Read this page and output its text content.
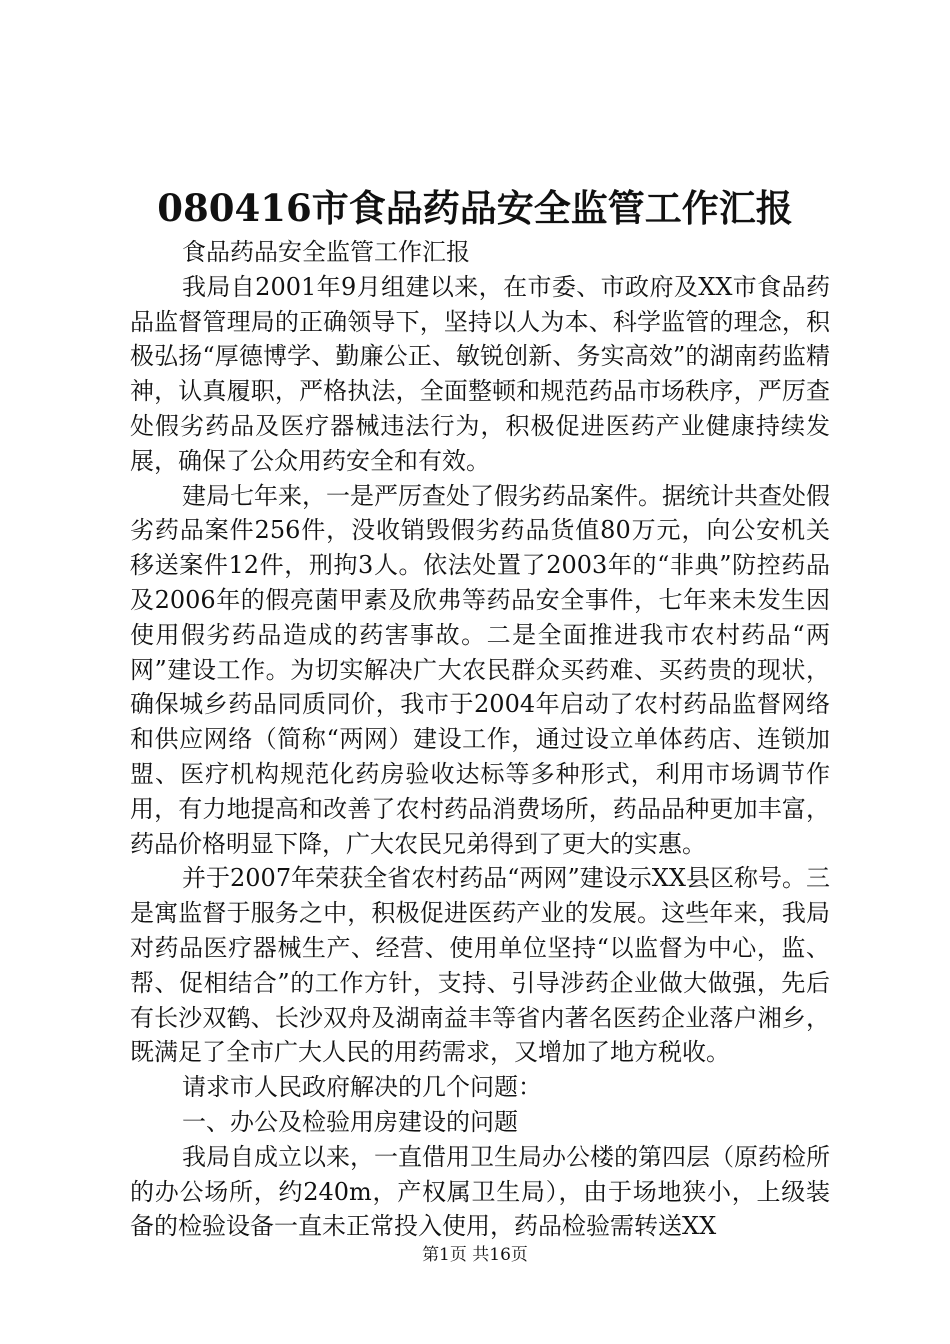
080416市食品药品安全监管工作汇报

食品药品安全监管工作汇报

我局自2001年9月组建以来，在市委、市政府及XX市食品药品监督管理局的正确领导下，坚持以人为本、科学监管的理念，积极弘扬“厚德博学、勤廉公正、敏锐创新、务实高效”的湖南药监精神，认真履职，严格执法，全面整顿和规范药品市场秩序，严厉查处假劣药品及医疗器械违法行为，积极促进医药产业健康持续发展，确保了公众用药安全和有效。

建局七年来，一是严厉查处了假劣药品案件。据统计共查处假劣药品案件256件，没收销毁假劣药品货值80万元，向公安机关移送案件12件，刑拘3人。依法处置了2003年的“非典”防控药品及2006年的假亮菌甲素及欣弗等药品安全事件，七年来未发生因使用假劣药品造成的药害事故。二是全面推进我市农村药品“两网”建设工作。为切实解决广大农民群众买药难、买药贵的现状，确保城乡药品同质同价，我市于2004年启动了农村药品监督网络和供应网络（简称“两网）建设工作，通过设立单体药店、连锁加盟、医疗机构规范化药房验收达标等多种形式，利用市场调节作用，有力地提高和改善了农村药品消费场所，药品品种更加丰富，药品价格明显下降，广大农民兄弟得到了更大的实惠。

并于2007年荣获全省农村药品“两网”建设示XX县区称号。三是寓监督于服务之中，积极促进医药产业的发展。这些年来，我局对药品医疗器械生产、经营、使用单位坚持“以监督为中心，监、帮、促相结合”的工作方针，支持、引导涉药企业做大做强，先后有长沙双鹤、长沙双舟及湖南益丰等省内著名医药企业落户湘乡，既满足了全市广大人民的用药需求，又增加了地方税收。

请求市人民政府解决的几个问题：

一、办公及检验用房建设的问题

我局自成立以来，一直借用卫生局办公楼的第四层（原药检所的办公场所，约240m，产权属卫生局），由于场地狭小，上级装备的检验设备一直未正常投入使用，药品检验需转送XX

第1页 共16页
